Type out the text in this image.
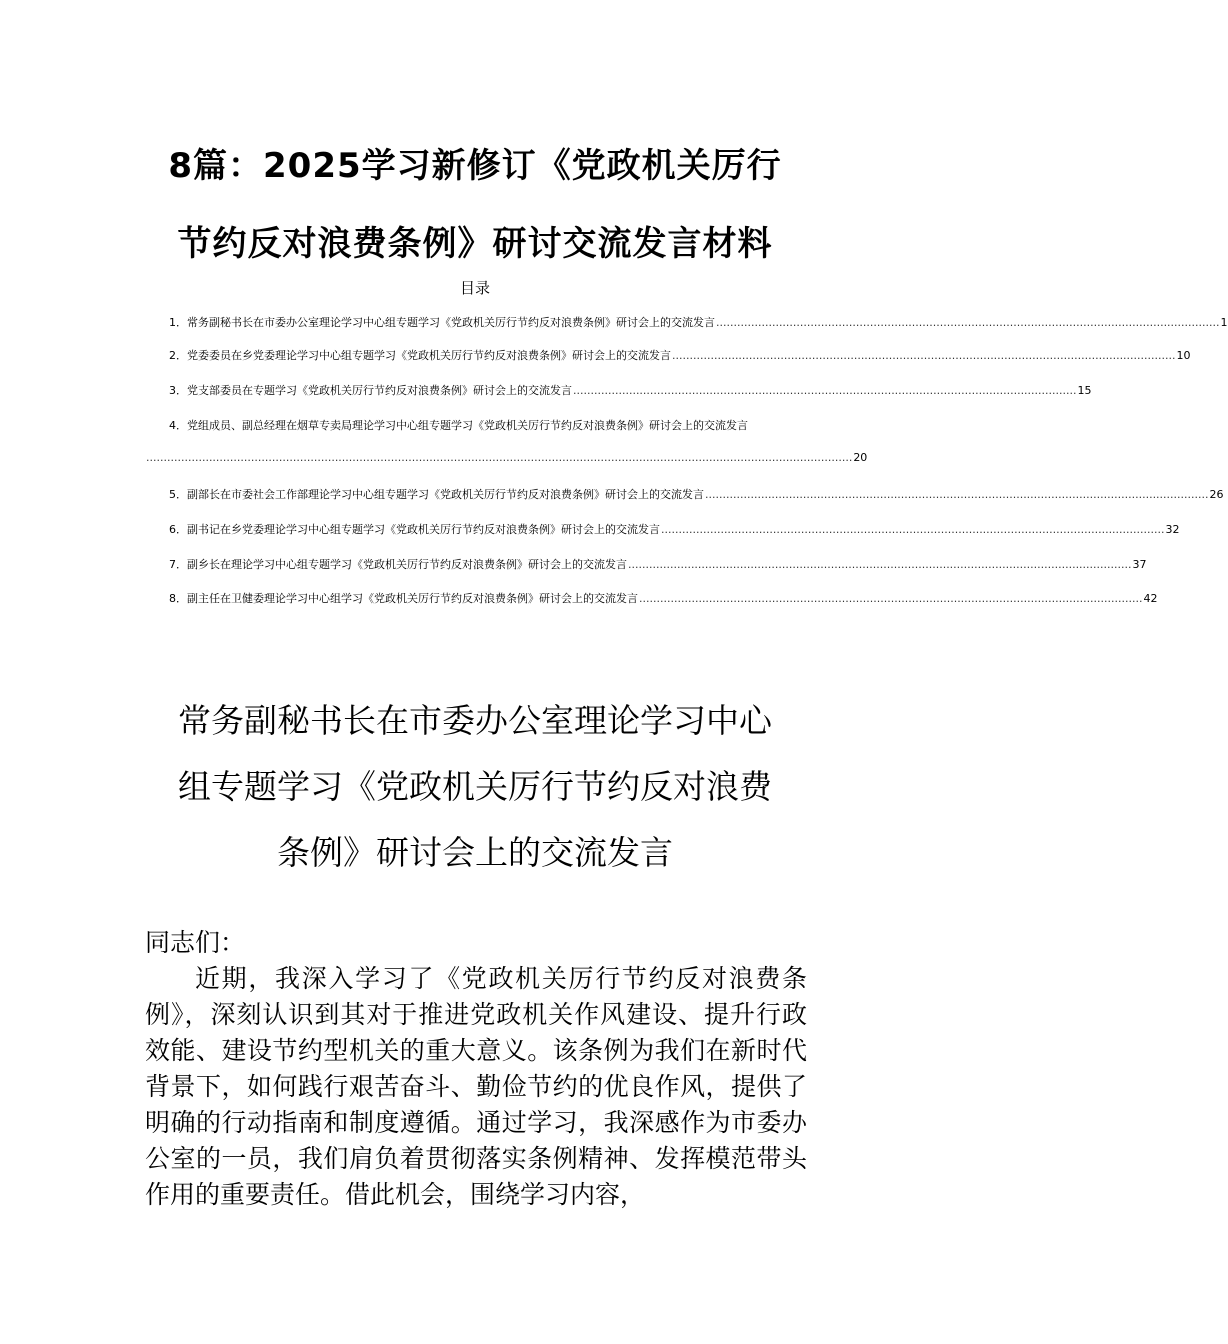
8篇：2025学习新修订《党政机关厉行
节约反对浪费条例》研讨交流发言材料
目录
1．常务副秘书长在市委办公室理论学习中心组专题学习《党政机关厉行节约反对浪费条例》研讨会上的交流发言 ................................................................................................................................................ 1
2．党委委员在乡党委理论学习中心组专题学习《党政机关厉行节约反对浪费条例》研讨会上的交流发言 ................................................................................................................................................ 10
3．党支部委员在专题学习《党政机关厉行节约反对浪费条例》研讨会上的交流发言 ................................................................................................................................................ 15
4．党组成员、副总经理在烟草专卖局理论学习中心组专题学习《党政机关厉行节约反对浪费条例》研讨会上的交流发言
.......................................................................................................................................................................................................... 20
5．副部长在市委社会工作部理论学习中心组专题学习《党政机关厉行节约反对浪费条例》研讨会上的交流发言 ................................................................................................................................................ 26
6．副书记在乡党委理论学习中心组专题学习《党政机关厉行节约反对浪费条例》研讨会上的交流发言 ................................................................................................................................................ 32
7．副乡长在理论学习中心组专题学习《党政机关厉行节约反对浪费条例》研讨会上的交流发言 ................................................................................................................................................ 37
8．副主任在卫健委理论学习中心组学习《党政机关厉行节约反对浪费条例》研讨会上的交流发言 ................................................................................................................................................ 42
常务副秘书长在市委办公室理论学习中心
组专题学习《党政机关厉行节约反对浪费
条例》研讨会上的交流发言

同志们：

近期，我深入学习了《党政机关厉行节约反对浪费条例》，深刻认识到其对于推进党政机关作风建设、提升行政效能、建设节约型机关的重大意义。该条例为我们在新时代背景下，如何践行艰苦奋斗、勤俭节约的优良作风，提供了明确的行动指南和制度遵循。通过学习，我深感作为市委办公室的一员，我们肩负着贯彻落实条例精神、发挥模范带头作用的重要责任。借此机会，围绕学习内容，
